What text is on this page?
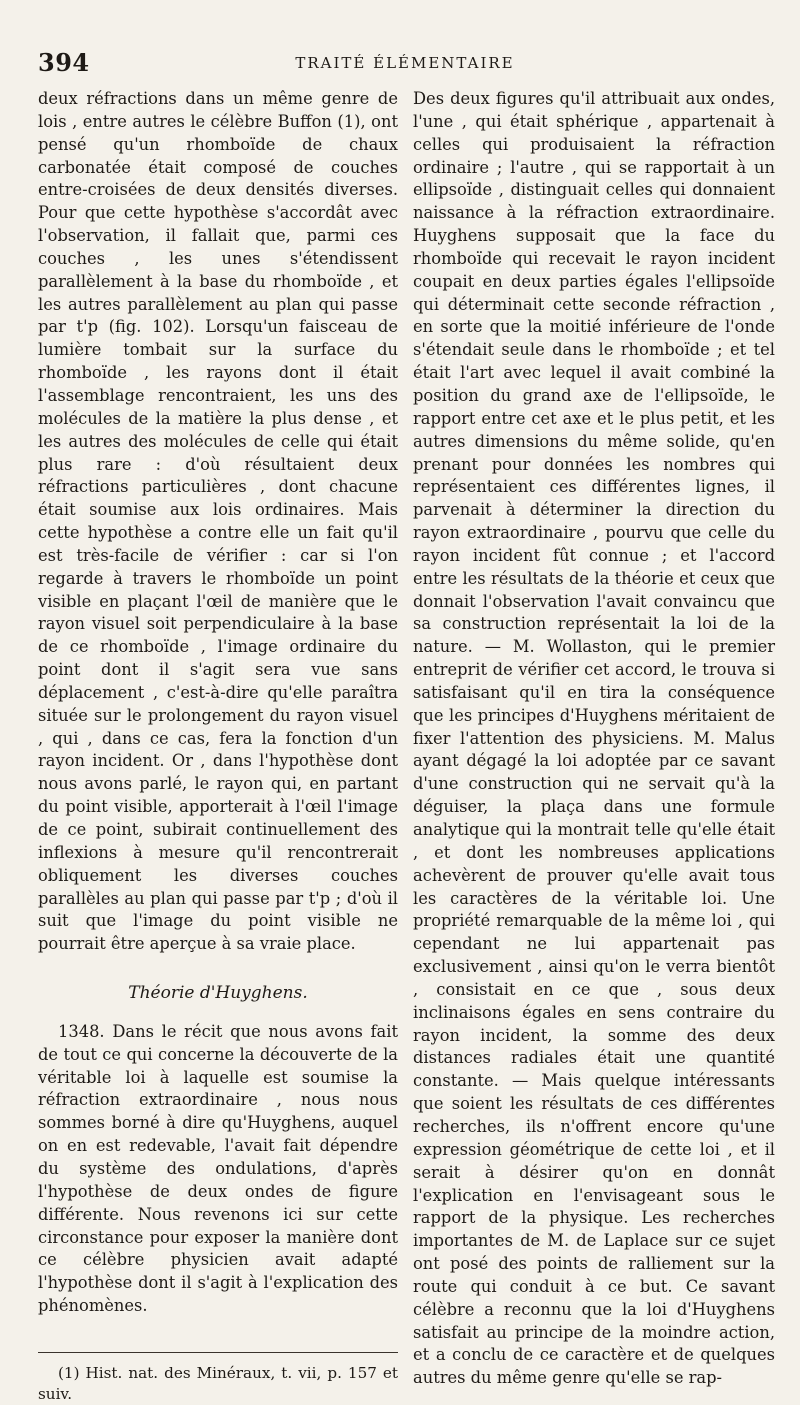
394	TRAITÉ ÉLÉMENTAIRE

deux réfractions dans un même genre de lois , entre autres le célèbre Buffon (1), ont pensé qu'un rhomboïde de chaux carbonatée était composé de couches entre-croisées de deux densités diverses. Pour que cette hypothèse s'accordât avec l'observation, il fallait que, parmi ces couches , les unes s'étendissent parallèlement à la base du rhomboïde , et les autres parallèlement au plan qui passe par t'p (fig. 102). Lorsqu'un faisceau de lumière tombait sur la surface du rhomboïde , les rayons dont il était l'assemblage rencontraient, les uns des molécules de la matière la plus dense , et les autres des molécules de celle qui était plus rare : d'où résultaient deux réfractions particulières , dont chacune était soumise aux lois ordinaires. Mais cette hypothèse a contre elle un fait qu'il est très-facile de vérifier : car si l'on regarde à travers le rhomboïde un point visible en plaçant l'œil de manière que le rayon visuel soit perpendiculaire à la base de ce rhomboïde , l'image ordinaire du point dont il s'agit sera vue sans déplacement , c'est-à-dire qu'elle paraîtra située sur le prolongement du rayon visuel , qui , dans ce cas, fera la fonction d'un rayon incident. Or , dans l'hypothèse dont nous avons parlé, le rayon qui, en partant du point visible, apporterait à l'œil l'image de ce point, subirait continuellement des inflexions à mesure qu'il rencontrerait obliquement les diverses couches parallèles au plan qui passe par t'p ; d'où il suit que l'image du point visible ne pourrait être aperçue à sa vraie place.

Théorie d'Huyghens.

1348. Dans le récit que nous avons fait de tout ce qui concerne la découverte de la véritable loi à laquelle est soumise la réfraction extraordinaire , nous nous sommes borné à dire qu'Huyghens, auquel on en est redevable, l'avait fait dépendre du système des ondulations, d'après l'hypothèse de deux ondes de figure différente. Nous revenons ici sur cette circonstance pour exposer la manière dont ce célèbre physicien avait adapté l'hypothèse dont il s'agit à l'explication des phénomènes.

(1) Hist. nat. des Minéraux, t. vii, p. 157 et suiv.

Des deux figures qu'il attribuait aux ondes, l'une , qui était sphérique , appartenait à celles qui produisaient la réfraction ordinaire ; l'autre , qui se rapportait à un ellipsoïde , distinguait celles qui donnaient naissance à la réfraction extraordinaire. Huyghens supposait que la face du rhomboïde qui recevait le rayon incident coupait en deux parties égales l'ellipsoïde qui déterminait cette seconde réfraction , en sorte que la moitié inférieure de l'onde s'étendait seule dans le rhomboïde ; et tel était l'art avec lequel il avait combiné la position du grand axe de l'ellipsoïde, le rapport entre cet axe et le plus petit, et les autres dimensions du même solide, qu'en prenant pour données les nombres qui représentaient ces différentes lignes, il parvenait à déterminer la direction du rayon extraordinaire , pourvu que celle du rayon incident fût connue ; et l'accord entre les résultats de la théorie et ceux que donnait l'observation l'avait convaincu que sa construction représentait la loi de la nature. — M. Wollaston, qui le premier entreprit de vérifier cet accord, le trouva si satisfaisant qu'il en tira la conséquence que les principes d'Huyghens méritaient de fixer l'attention des physiciens. M. Malus ayant dégagé la loi adoptée par ce savant d'une construction qui ne servait qu'à la déguiser, la plaça dans une formule analytique qui la montrait telle qu'elle était , et dont les nombreuses applications achevèrent de prouver qu'elle avait tous les caractères de la véritable loi. Une propriété remarquable de la même loi , qui cependant ne lui appartenait pas exclusivement , ainsi qu'on le verra bientôt , consistait en ce que , sous deux inclinaisons égales en sens contraire du rayon incident, la somme des deux distances radiales était une quantité constante. — Mais quelque intéressants que soient les résultats de ces différentes recherches, ils n'offrent encore qu'une expression géométrique de cette loi , et il serait à désirer qu'on en donnât l'explication en l'envisageant sous le rapport de la physique. Les recherches importantes de M. de Laplace sur ce sujet ont posé des points de ralliement sur la route qui conduit à ce but. Ce savant célèbre a reconnu que la loi d'Huyghens satisfait au principe de la moindre action, et a conclu de ce caractère et de quelques autres du même genre qu'elle se rap-
